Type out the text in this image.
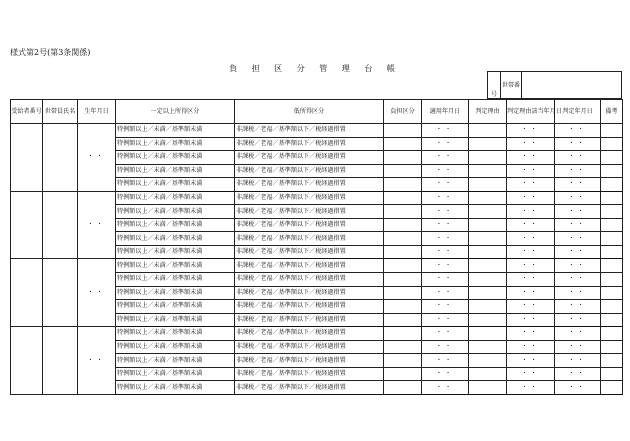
様式第2号(第3条関係)
負 担 区 分 管 理 台 帳
号	世帯番	
受給者番号	世帯員氏名	生年月日	一定以上所得区分	低所得区分	負担区分	適用年月日	判定理由	判定理由該当年月日	判定年月日	備考
		・・	特例額以上／未満／基準額未満	非課税／老福／基準額以下／税経過措置		・・		・・	・・	
			特例額以上／未満／基準額未満	非課税／老福／基準額以下／税経過措置		・・		・・	・・	
			特例額以上／未満／基準額未満	非課税／老福／基準額以下／税経過措置		・・		・・	・・	
			特例額以上／未満／基準額未満	非課税／老福／基準額以下／税経過措置		・・		・・	・・	
			特例額以上／未満／基準額未満	非課税／老福／基準額以下／税経過措置		・・		・・	・・	
		・・	特例額以上／未満／基準額未満	非課税／老福／基準額以下／税経過措置		・・		・・	・・	
			特例額以上／未満／基準額未満	非課税／老福／基準額以下／税経過措置		・・		・・	・・	
			特例額以上／未満／基準額未満	非課税／老福／基準額以下／税経過措置		・・		・・	・・	
			特例額以上／未満／基準額未満	非課税／老福／基準額以下／税経過措置		・・		・・	・・	
			特例額以上／未満／基準額未満	非課税／老福／基準額以下／税経過措置		・・		・・	・・	
		・・	特例額以上／未満／基準額未満	非課税／老福／基準額以下／税経過措置		・・		・・	・・	
			特例額以上／未満／基準額未満	非課税／老福／基準額以下／税経過措置		・・		・・	・・	
			特例額以上／未満／基準額未満	非課税／老福／基準額以下／税経過措置		・・		・・	・・	
			特例額以上／未満／基準額未満	非課税／老福／基準額以下／税経過措置		・・		・・	・・	
			特例額以上／未満／基準額未満	非課税／老福／基準額以下／税経過措置		・・		・・	・・	
		・・	特例額以上／未満／基準額未満	非課税／老福／基準額以下／税経過措置		・・		・・	・・	
			特例額以上／未満／基準額未満	非課税／老福／基準額以下／税経過措置		・・		・・	・・	
			特例額以上／未満／基準額未満	非課税／老福／基準額以下／税経過措置		・・		・・	・・	
			特例額以上／未満／基準額未満	非課税／老福／基準額以下／税経過措置		・・		・・	・・	
			特例額以上／未満／基準額未満	非課税／老福／基準額以下／税経過措置		・・		・・	・・	
